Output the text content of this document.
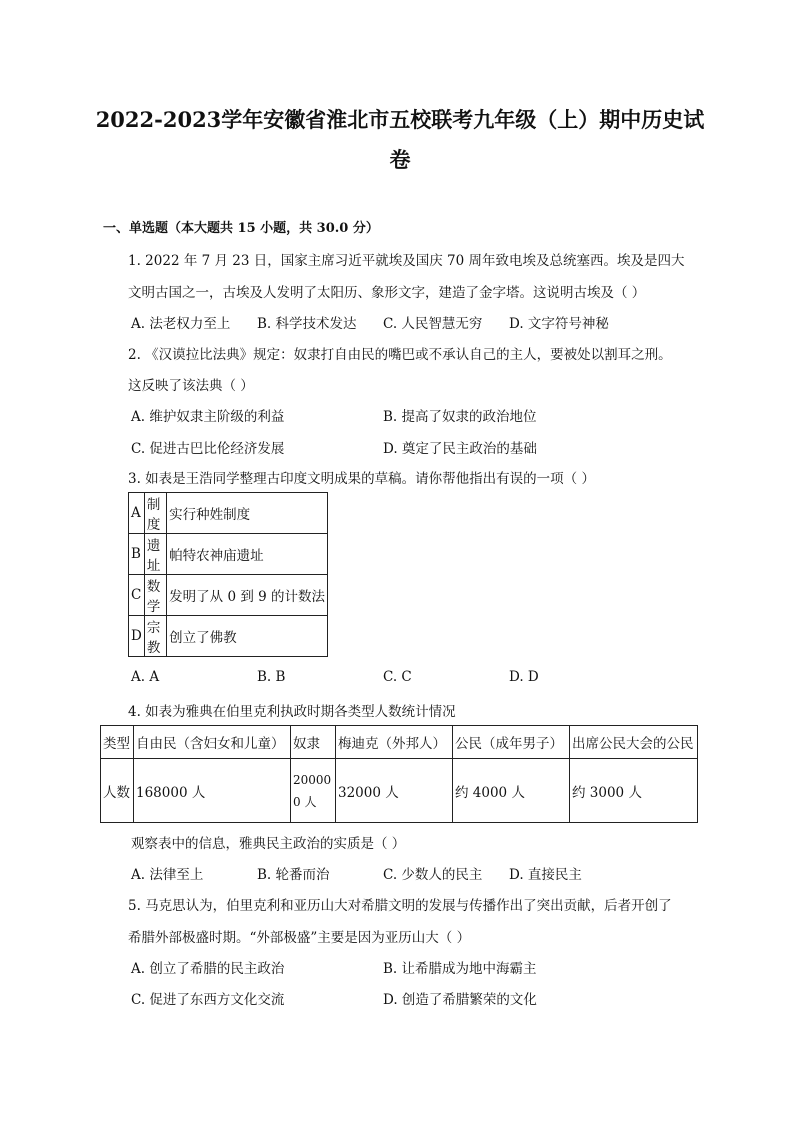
2022-2023学年安徽省淮北市五校联考九年级（上）期中历史试
卷
一、单选题（本大题共 15 小题，共 30.0 分）
1. 2022 年 7 月 23 日，国家主席习近平就埃及国庆 70 周年致电埃及总统塞西。埃及是四大
文明古国之一，古埃及人发明了太阳历、象形文字，建造了金字塔。这说明古埃及（ ）
A. 法老权力至上 B. 科学技术发达 C. 人民智慧无穷 D. 文字符号神秘
2. 《汉谟拉比法典》规定：奴隶打自由民的嘴巴或不承认自己的主人，要被处以割耳之刑。
这反映了该法典（ ）
A. 维护奴隶主阶级的利益	B. 提高了奴隶的政治地位
C. 促进古巴比伦经济发展	D. 奠定了民主政治的基础
3. 如表是王浩同学整理古印度文明成果的草稿。请你帮他指出有误的一项（ ）
A	制度	实行种姓制度
B	遗址	帕特农神庙遗址
C	数学	发明了从 0 到 9 的计数法
D	宗教	创立了佛教
A. A	B. B	C. C	D. D
4. 如表为雅典在伯里克利执政时期各类型人数统计情况
类型	自由民（含妇女和儿童）	奴隶	梅迪克（外邦人）	公民（成年男子）	出席公民大会的公民
人数	168000 人	200000 人	32000 人	约 4000 人	约 3000 人
观察表中的信息，雅典民主政治的实质是（ ）
A. 法律至上	B. 轮番而治	C. 少数人的民主 D. 直接民主
5. 马克思认为，伯里克利和亚历山大对希腊文明的发展与传播作出了突出贡献，后者开创了
希腊外部极盛时期。“外部极盛”主要是因为亚历山大（ ）
A. 创立了希腊的民主政治	B. 让希腊成为地中海霸主
C. 促进了东西方文化交流	D. 创造了希腊繁荣的文化
